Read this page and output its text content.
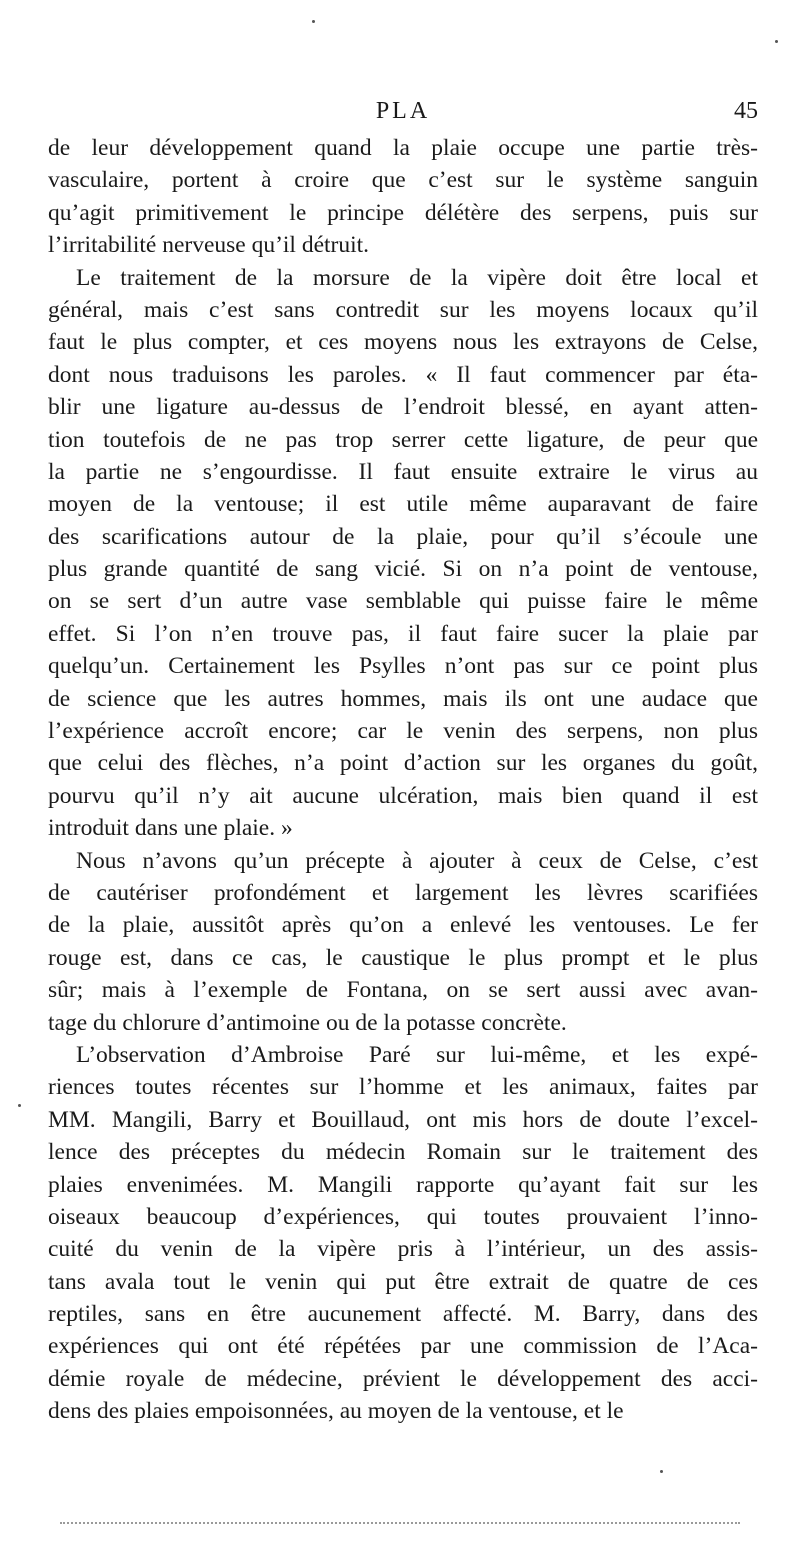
PLA	45
de leur développement quand la plaie occupe une partie très-
vasculaire, portent à croire que c’est sur le système sanguin
qu’agit primitivement le principe délétère des serpens, puis sur
l’irritabilité nerveuse qu’il détruit.
Le traitement de la morsure de la vipère doit être local et
général, mais c’est sans contredit sur les moyens locaux qu’il
faut le plus compter, et ces moyens nous les extrayons de Celse,
dont nous traduisons les paroles. « Il faut commencer par éta-
blir une ligature au-dessus de l’endroit blessé, en ayant atten-
tion toutefois de ne pas trop serrer cette ligature, de peur que
la partie ne s’engourdisse. Il faut ensuite extraire le virus au
moyen de la ventouse; il est utile même auparavant de faire
des scarifications autour de la plaie, pour qu’il s’écoule une
plus grande quantité de sang vicié. Si on n’a point de ventouse,
on se sert d’un autre vase semblable qui puisse faire le même
effet. Si l’on n’en trouve pas, il faut faire sucer la plaie par
quelqu’un. Certainement les Psylles n’ont pas sur ce point plus
de science que les autres hommes, mais ils ont une audace que
l’expérience accroît encore; car le venin des serpens, non plus
que celui des flèches, n’a point d’action sur les organes du goût,
pourvu qu’il n’y ait aucune ulcération, mais bien quand il est
introduit dans une plaie. »
Nous n’avons qu’un précepte à ajouter à ceux de Celse, c’est
de cautériser profondément et largement les lèvres scarifiées
de la plaie, aussitôt après qu’on a enlevé les ventouses. Le fer
rouge est, dans ce cas, le caustique le plus prompt et le plus
sûr; mais à l’exemple de Fontana, on se sert aussi avec avan-
tage du chlorure d’antimoine ou de la potasse concrète.
L’observation d’Ambroise Paré sur lui-même, et les expé-
riences toutes récentes sur l’homme et les animaux, faites par
MM. Mangili, Barry et Bouillaud, ont mis hors de doute l’excel-
lence des préceptes du médecin Romain sur le traitement des
plaies envenimées. M. Mangili rapporte qu’ayant fait sur les
oiseaux beaucoup d’expériences, qui toutes prouvaient l’inno-
cuité du venin de la vipère pris à l’intérieur, un des assis-
tans avala tout le venin qui put être extrait de quatre de ces
reptiles, sans en être aucunement affecté. M. Barry, dans des
expériences qui ont été répétées par une commission de l’Aca-
démie royale de médecine, prévient le développement des acci-
dens des plaies empoisonnées, au moyen de la ventouse, et le
